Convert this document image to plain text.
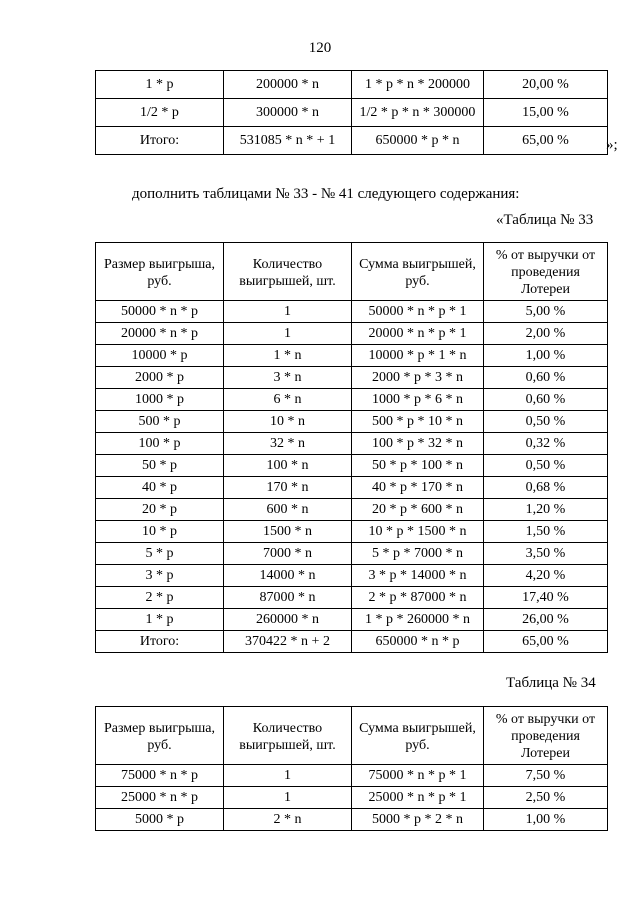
120
1 * р	200000 * n	1 * р * n * 200000	20,00 %
1/2 * р	300000 * n	1/2 * р * n * 300000	15,00 %
Итого:	531085 * n * + 1	650000 * р * n	65,00 % »;
дополнить таблицами № 33 - № 41 следующего содержания:
«Таблица № 33
Размер выигрыша, руб.	Количество выигрышей, шт.	Сумма выигрышей, руб.	% от выручки от проведения Лотереи
50000 * n * р	1	50000 * n * р * 1	5,00 %
20000 * n * р	1	20000 * n * р * 1	2,00 %
10000 * р	1 * n	10000 * р * 1 * n	1,00 %
2000 * р	3 * n	2000 * р * 3 * n	0,60 %
1000 * р	6 * n	1000 * р * 6 * n	0,60 %
500 * р	10 * n	500 * р * 10 * n	0,50 %
100 * р	32 * n	100 * р * 32 * n	0,32 %
50 * р	100 * n	50 * р * 100 * n	0,50 %
40 * р	170 * n	40 * р * 170 * n	0,68 %
20 * р	600 * n	20 * р * 600 * n	1,20 %
10 * р	1500 * n	10 * р * 1500 * n	1,50 %
5 * р	7000 * n	5 * р * 7000 * n	3,50 %
3 * р	14000 * n	3 * р * 14000 * n	4,20 %
2 * р	87000 * n	2 * р * 87000 * n	17,40 %
1 * р	260000 * n	1 * р * 260000 * n	26,00 %
Итого:	370422 * n + 2	650000 * n * р	65,00 %
Таблица № 34
Размер выигрыша, руб.	Количество выигрышей, шт.	Сумма выигрышей, руб.	% от выручки от проведения Лотереи
75000 * n * р	1	75000 * n * р * 1	7,50 %
25000 * n * р	1	25000 * n * р * 1	2,50 %
5000 * р	2 * n	5000 * р * 2 * n	1,00 %
